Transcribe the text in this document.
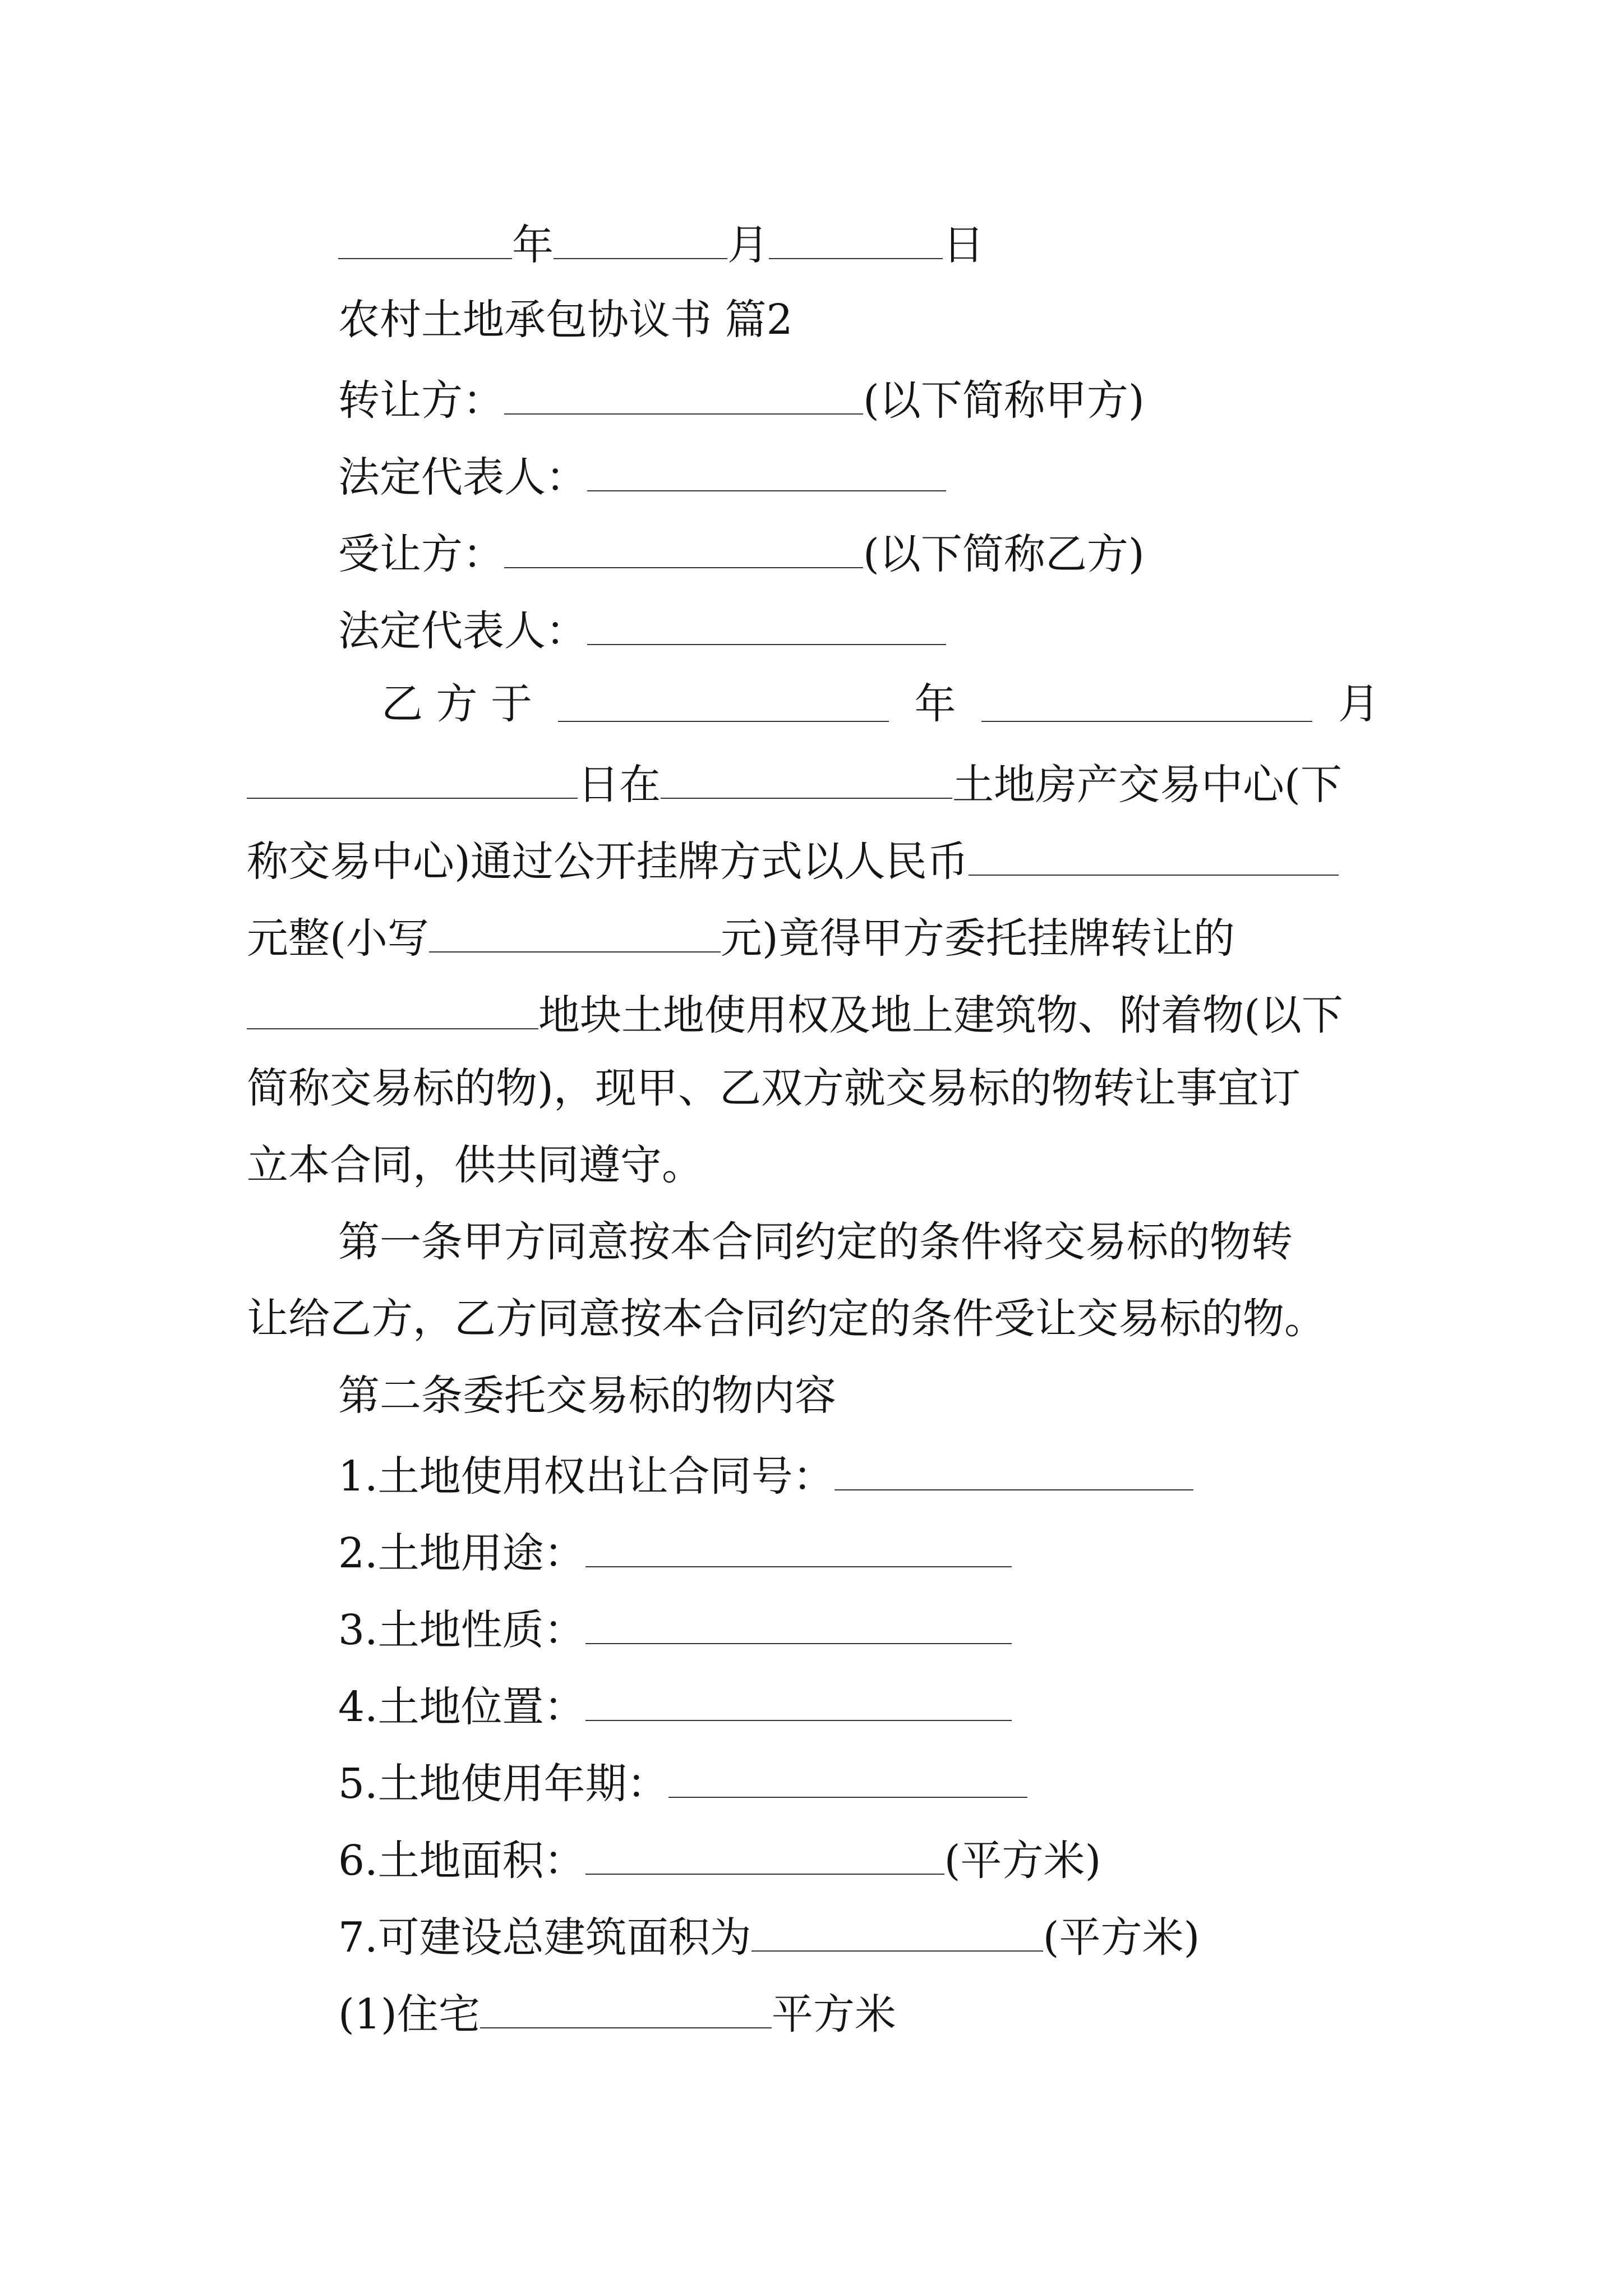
年	月	日
农村土地承包协议书 篇2
转让方：	(以下简称甲方)
法定代表人：
受让方：	(以下简称乙方)
法定代表人：
乙 方 于	年	月
日在	土地房产交易中心(下
称交易中心)通过公开挂牌方式以人民币
元整(小写	元)竟得甲方委托挂牌转让的
地块土地使用权及地上建筑物、附着物(以下
简称交易标的物)，现甲、乙双方就交易标的物转让事宜订
立本合同，供共同遵守。
第一条甲方同意按本合同约定的条件将交易标的物转
让给乙方，乙方同意按本合同约定的条件受让交易标的物。
第二条委托交易标的物内容
1.土地使用权出让合同号：
2.土地用途：
3.土地性质：
4.土地位置：
5.土地使用年期：
6.土地面积：	(平方米)
7.可建设总建筑面积为	(平方米)
(1)住宅	平方米
